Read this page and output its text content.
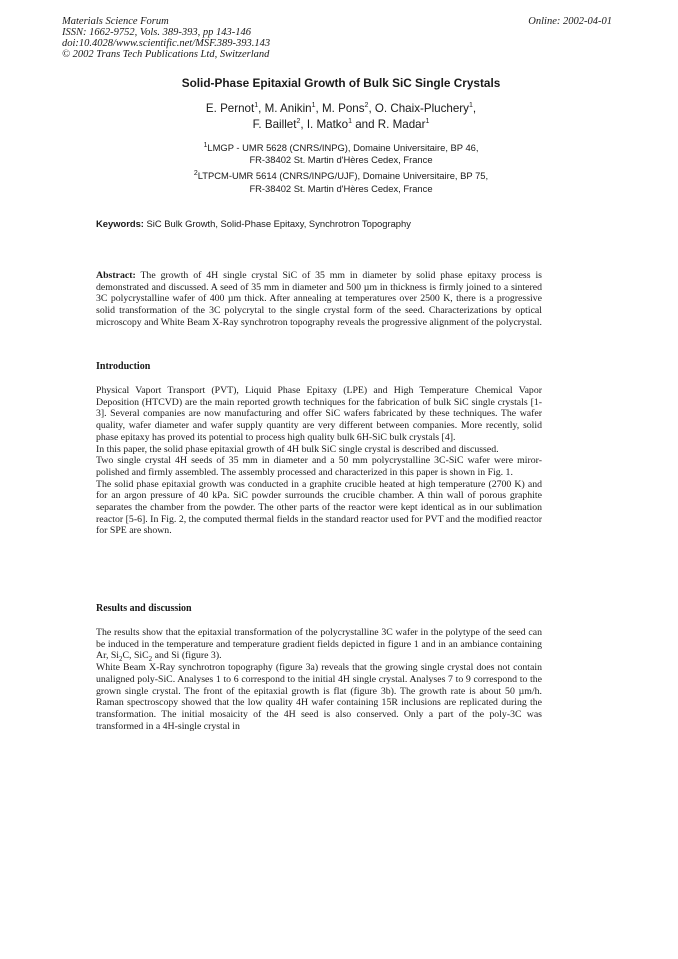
Materials Science Forum
ISSN: 1662-9752, Vols. 389-393, pp 143-146
doi:10.4028/www.scientific.net/MSF.389-393.143
© 2002 Trans Tech Publications Ltd, Switzerland
Online: 2002-04-01
Solid-Phase Epitaxial Growth of Bulk SiC Single Crystals
E. Pernot$^1$, M. Anikin$^1$, M. Pons$^2$, O. Chaix-Pluchery$^1$,
F. Baillet$^2$, I. Matko$^1$ and R. Madar$^1$
$^1$LMGP - UMR 5628 (CNRS/INPG), Domaine Universitaire, BP 46,
FR-38402 St. Martin d'Hères Cedex, France
$^2$LTPCM-UMR 5614 (CNRS/INPG/UJF), Domaine Universitaire, BP 75,
FR-38402 St. Martin d'Hères Cedex, France
Keywords: SiC Bulk Growth, Solid-Phase Epitaxy, Synchrotron Topography

Abstract: The growth of 4H single crystal SiC of 35 mm in diameter by solid phase epitaxy process is demonstrated and discussed. A seed of 35 mm in diameter and 500 µm in thickness is firmly joined to a sintered 3C polycrystalline wafer of 400 µm thick. After annealing at temperatures over 2500 K, there is a progressive solid transformation of the 3C polycrytal to the single crystal form of the seed. Characterizations by optical microscopy and White Beam X-Ray synchrotron topography reveals the progressive alignment of the polycrystal.

Introduction

Physical Vaport Transport (PVT), Liquid Phase Epitaxy (LPE) and High Temperature Chemical Vapor Deposition (HTCVD) are the main reported growth techniques for the fabrication of bulk SiC single crystals [1-3]. Several companies are now manufacturing and offer SiC wafers fabricated by these techniques. The wafer quality, wafer diameter and wafer supply quantity are very different between companies. More recently, solid phase epitaxy has proved its potential to process high quality bulk 6H-SiC bulk crystals [4].

In this paper, the solid phase epitaxial growth of 4H bulk SiC single crystal is described and discussed.

Two single crystal 4H seeds of 35 mm in diameter and a 50 mm polycrystalline 3C-SiC wafer were miror-polished and firmly assembled. The assembly processed and characterized in this paper is shown in Fig. 1.

The solid phase epitaxial growth was conducted in a graphite crucible heated at high temperature (2700 K) and for an argon pressure of 40 kPa. SiC powder surrounds the crucible chamber. A thin wall of porous graphite separates the chamber from the powder. The other parts of the reactor were kept identical as in our sublimation reactor [5-6]. In Fig. 2, the computed thermal fields in the standard reactor used for PVT and the modified reactor for SPE are shown.

Results and discussion

The results show that the epitaxial transformation of the polycrystalline 3C wafer in the polytype of the seed can be induced in the temperature and temperature gradient fields depicted in figure 1 and in an ambiance containing Ar, $Si_2C$, SiC$_2$ and Si (figure 3).

White Beam X-Ray synchrotron topography (figure 3a) reveals that the growing single crystal does not contain unaligned poly-SiC. Analyses 1 to 6 correspond to the initial 4H single crystal. Analyses 7 to 9 correspond to the grown single crystal. The front of the epitaxial growth is flat (figure 3b). The growth rate is about 50 µm/h. Raman spectroscopy showed that the low quality 4H wafer containing 15R inclusions are replicated during the transformation. The initial mosaicity of the 4H seed is also conserved. Only a part of the poly-3C was transformed in a 4H-single crystal in
